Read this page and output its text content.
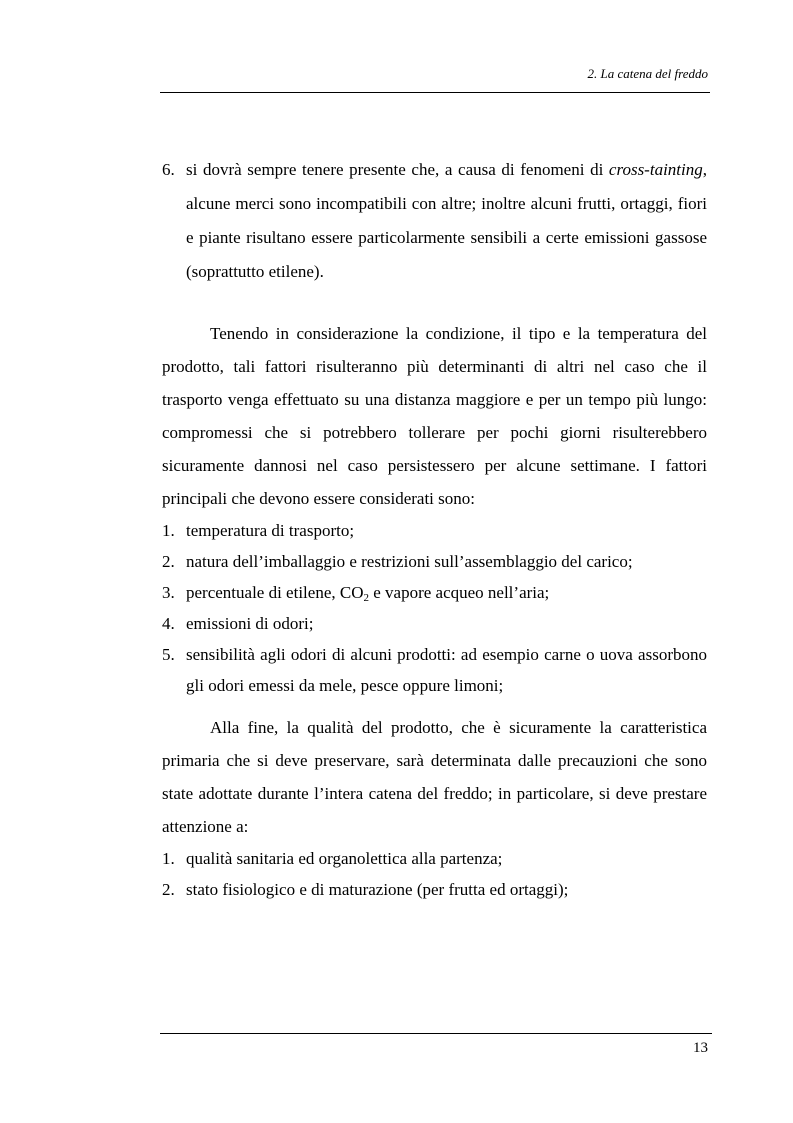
2. La catena del freddo
6. si dovrà sempre tenere presente che, a causa di fenomeni di cross-tainting, alcune merci sono incompatibili con altre; inoltre alcuni frutti, ortaggi, fiori e piante risultano essere particolarmente sensibili a certe emissioni gassose (soprattutto etilene).

Tenendo in considerazione la condizione, il tipo e la temperatura del prodotto, tali fattori risulteranno più determinanti di altri nel caso che il trasporto venga effettuato su una distanza maggiore e per un tempo più lungo: compromessi che si potrebbero tollerare per pochi giorni risulterebbero sicuramente dannosi nel caso persistessero per alcune settimane. I fattori principali che devono essere considerati sono:

1. temperatura di trasporto;
2. natura dell’imballaggio e restrizioni sull’assemblaggio del carico;
3. percentuale di etilene, $CO_2$ e vapore acqueo nell’aria;
4. emissioni di odori;
5. sensibilità agli odori di alcuni prodotti: ad esempio carne o uova assorbono gli odori emessi da mele, pesce oppure limoni;

Alla fine, la qualità del prodotto, che è sicuramente la caratteristica primaria che si deve preservare, sarà determinata dalle precauzioni che sono state adottate durante l’intera catena del freddo; in particolare, si deve prestare attenzione a:

1. qualità sanitaria ed organolettica alla partenza;
2. stato fisiologico e di maturazione (per frutta ed ortaggi);
13
